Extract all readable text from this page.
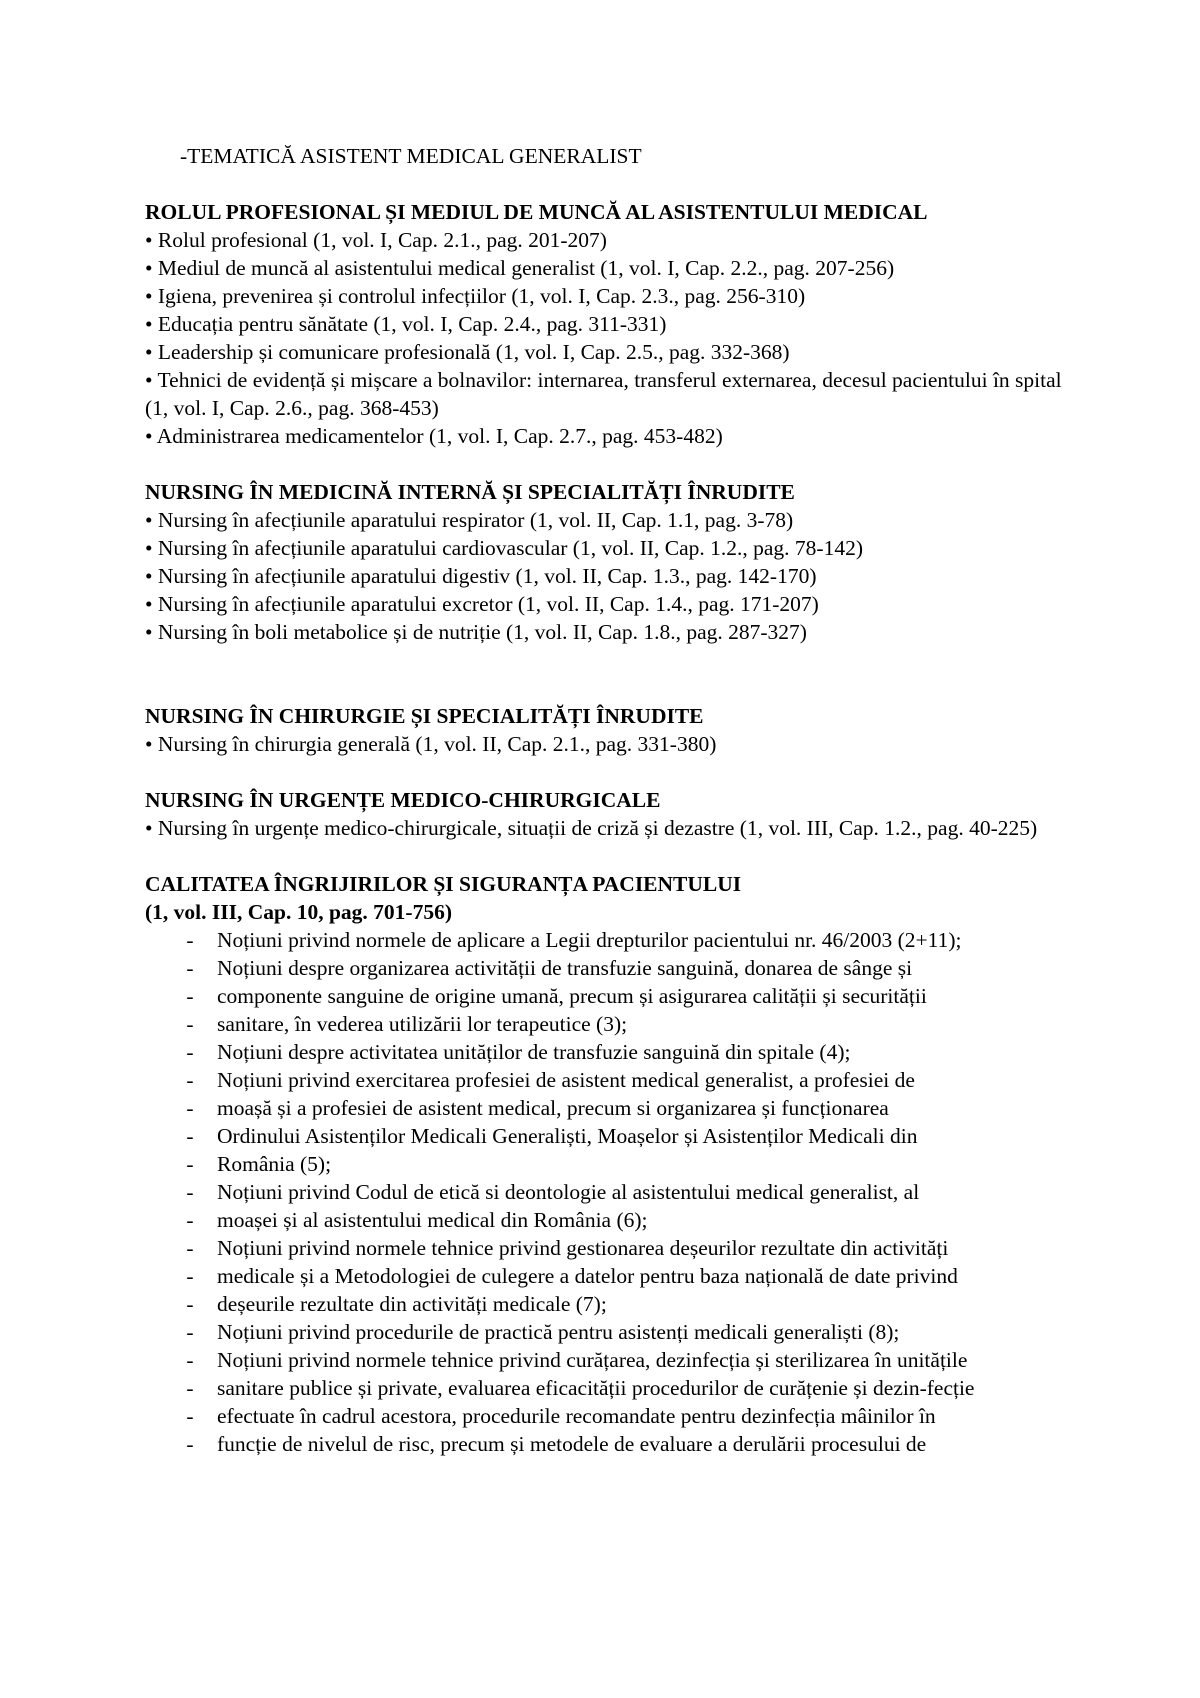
-TEMATICĂ ASISTENT MEDICAL GENERALIST
ROLUL PROFESIONAL ȘI MEDIUL DE MUNCĂ AL ASISTENTULUI MEDICAL
• Rolul profesional (1, vol. I, Cap. 2.1., pag. 201-207)
• Mediul de muncă al asistentului medical generalist (1, vol. I, Cap. 2.2., pag. 207-256)
• Igiena, prevenirea și controlul infecțiilor (1, vol. I, Cap. 2.3., pag. 256-310)
• Educația pentru sănătate (1, vol. I, Cap. 2.4., pag. 311-331)
• Leadership și comunicare profesională (1, vol. I, Cap. 2.5., pag. 332-368)
• Tehnici de evidență și mișcare a bolnavilor: internarea, transferul externarea, decesul pacientului în spital (1, vol. I, Cap. 2.6., pag. 368-453)
• Administrarea medicamentelor (1, vol. I, Cap. 2.7., pag. 453-482)
NURSING ÎN MEDICINĂ INTERNĂ ȘI SPECIALITĂȚI ÎNRUDITE
• Nursing în afecțiunile aparatului respirator (1, vol. II, Cap. 1.1, pag. 3-78)
• Nursing în afecțiunile aparatului cardiovascular (1, vol. II, Cap. 1.2., pag. 78-142)
• Nursing în afecțiunile aparatului digestiv (1, vol. II, Cap. 1.3., pag. 142-170)
• Nursing în afecțiunile aparatului excretor (1, vol. II, Cap. 1.4., pag. 171-207)
• Nursing în boli metabolice și de nutriție (1, vol. II, Cap. 1.8., pag. 287-327)
NURSING ÎN CHIRURGIE ȘI SPECIALITĂȚI ÎNRUDITE
• Nursing în chirurgia generală (1, vol. II, Cap. 2.1., pag. 331-380)
NURSING ÎN URGENȚE MEDICO-CHIRURGICALE
• Nursing în urgențe medico-chirurgicale, situații de criză și dezastre (1, vol. III, Cap. 1.2., pag. 40-225)
CALITATEA ÎNGRIJIRILOR ȘI SIGURANȚA PACIENTULUI
(1, vol. III, Cap. 10, pag. 701-756)
- Noțiuni privind normele de aplicare a Legii drepturilor pacientului nr. 46/2003 (2+11);
- Noțiuni despre organizarea activității de transfuzie sanguină, donarea de sânge și
- componente sanguine de origine umană, precum și asigurarea calității și securității
- sanitare, în vederea utilizării lor terapeutice (3);
- Noțiuni despre activitatea unităților de transfuzie sanguină din spitale (4);
- Noțiuni privind exercitarea profesiei de asistent medical generalist, a profesiei de
- moașă și a profesiei de asistent medical, precum si organizarea și funcționarea
- Ordinului Asistenților Medicali Generaliști, Moașelor și Asistenților Medicali din
- România (5);
- Noțiuni privind Codul de etică si deontologie al asistentului medical generalist, al
- moașei și al asistentului medical din România (6);
- Noțiuni privind normele tehnice privind gestionarea deșeurilor rezultate din activități
- medicale și a Metodologiei de culegere a datelor pentru baza națională de date privind
- deșeurile rezultate din activități medicale (7);
- Noțiuni privind procedurile de practică pentru asistenți medicali generaliști (8);
- Noțiuni privind normele tehnice privind curățarea, dezinfecția și sterilizarea în unitățile
- sanitare publice și private, evaluarea eficacității procedurilor de curățenie și dezin-fecție
- efectuate în cadrul acestora, procedurile recomandate pentru dezinfecția mâinilor în
- funcție de nivelul de risc, precum și metodele de evaluare a derulării procesului de
